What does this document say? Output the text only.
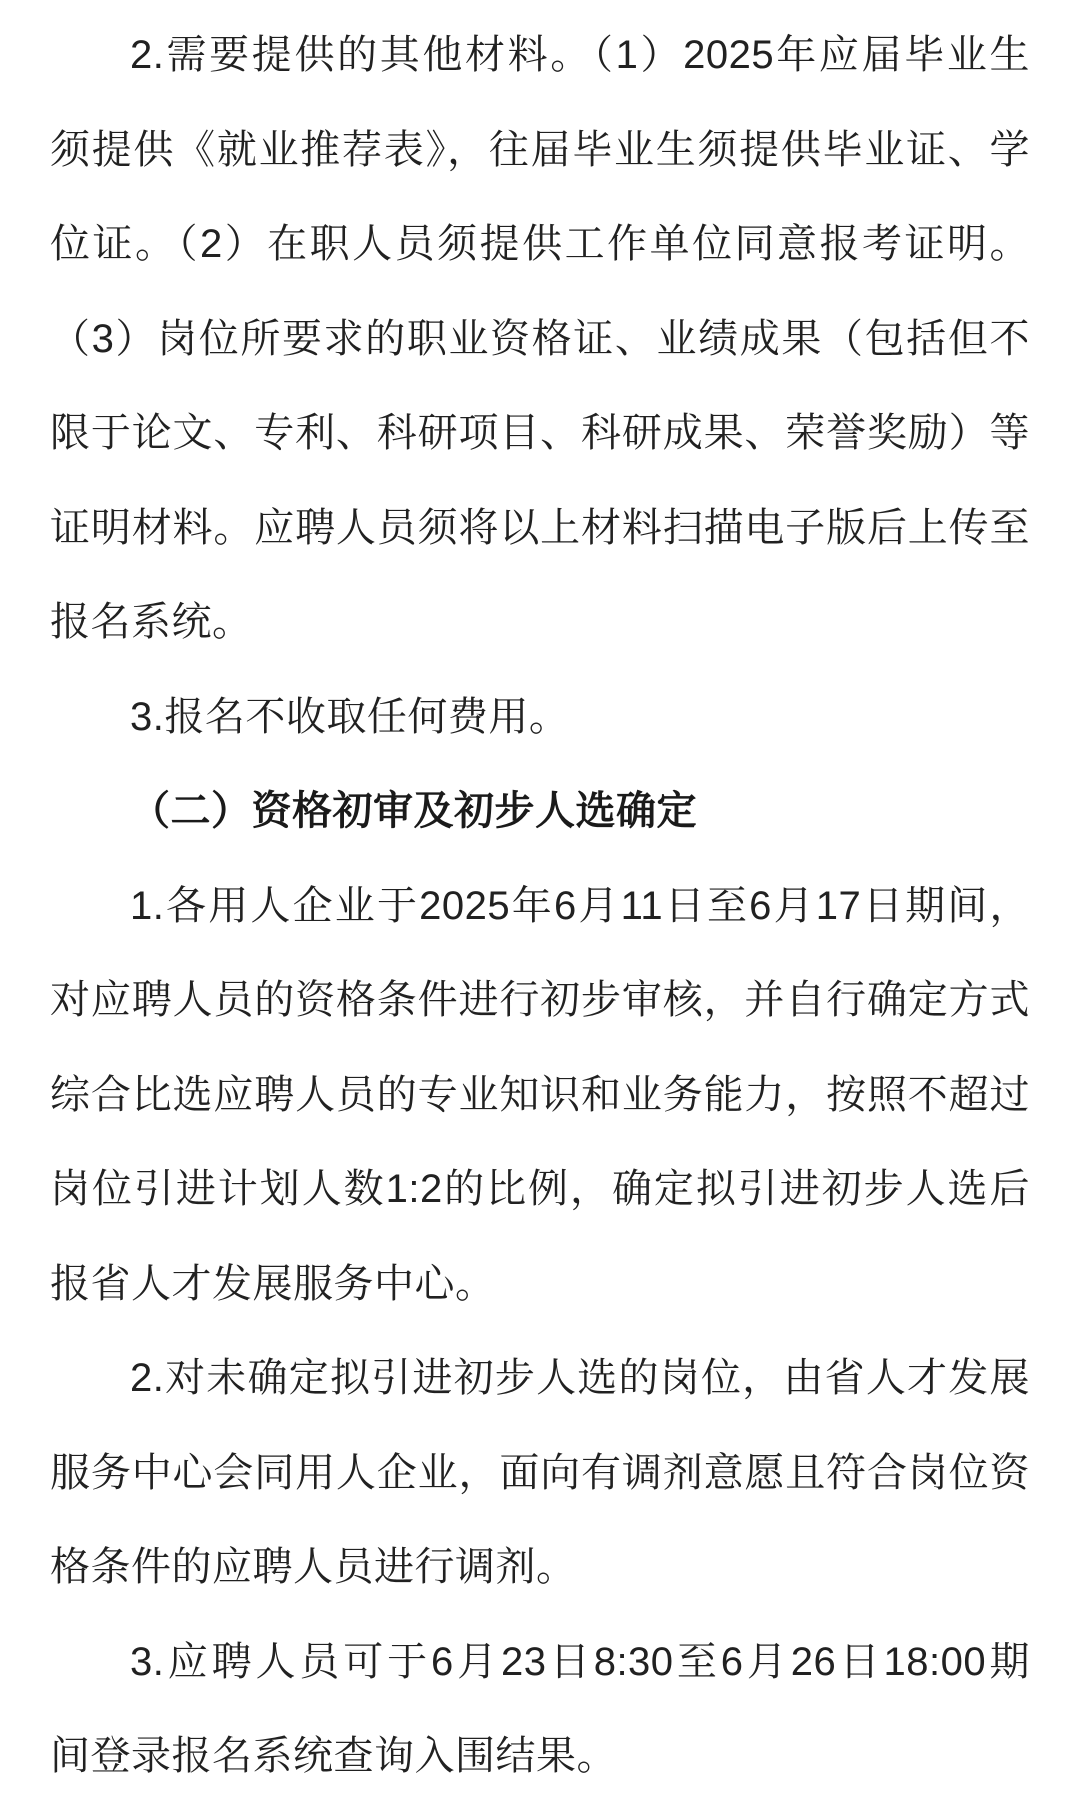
2.需要提供的其他材料。（1）2025年应届毕业生
须提供《就业推荐表》，往届毕业生须提供毕业证、学
位证。（2）在职人员须提供工作单位同意报考证明。
（3）岗位所要求的职业资格证、业绩成果（包括但不
限于论文、专利、科研项目、科研成果、荣誉奖励）等
证明材料。应聘人员须将以上材料扫描电子版后上传至
报名系统。
3.报名不收取任何费用。
（二）资格初审及初步人选确定
1.各用人企业于2025年6月11日至6月17日期间，
对应聘人员的资格条件进行初步审核，并自行确定方式
综合比选应聘人员的专业知识和业务能力，按照不超过
岗位引进计划人数1:2的比例，确定拟引进初步人选后
报省人才发展服务中心。
2.对未确定拟引进初步人选的岗位，由省人才发展
服务中心会同用人企业，面向有调剂意愿且符合岗位资
格条件的应聘人员进行调剂。
3.应聘人员可于6月23日8:30至6月26日18:00期
间登录报名系统查询入围结果。
